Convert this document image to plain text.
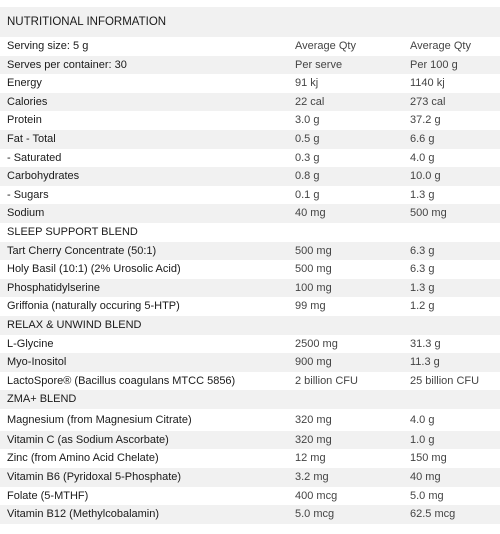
NUTRITIONAL INFORMATION		
Serving size: 5 g	Average Qty	Average Qty
Serves per container: 30	Per serve	Per 100 g
Energy	91 kj	1140 kj
Calories	22 cal	273 cal
Protein	3.0 g	37.2 g
Fat - Total	0.5 g	6.6 g
- Saturated	0.3 g	4.0 g
Carbohydrates	0.8 g	10.0 g
- Sugars	0.1 g	1.3 g
Sodium	40 mg	500 mg
SLEEP SUPPORT BLEND		
Tart Cherry Concentrate (50:1)	500 mg	6.3 g
Holy Basil (10:1) (2% Urosolic Acid)	500 mg	6.3 g
Phosphatidylserine	100 mg	1.3 g
Griffonia (naturally occuring 5-HTP)	99 mg	1.2 g
RELAX & UNWIND BLEND		
L-Glycine	2500 mg	31.3 g
Myo-Inositol	900 mg	11.3 g
LactoSpore® (Bacillus coagulans MTCC 5856)	2 billion CFU	25 billion CFU
ZMA+ BLEND		
Magnesium (from Magnesium Citrate)	320 mg	4.0 g
Vitamin C (as Sodium Ascorbate)	320 mg	1.0 g
Zinc (from Amino Acid Chelate)	12 mg	150 mg
Vitamin B6 (Pyridoxal 5-Phosphate)	3.2 mg	40 mg
Folate (5-MTHF)	400 mcg	5.0 mg
Vitamin B12 (Methylcobalamin)	5.0 mcg	62.5 mcg
